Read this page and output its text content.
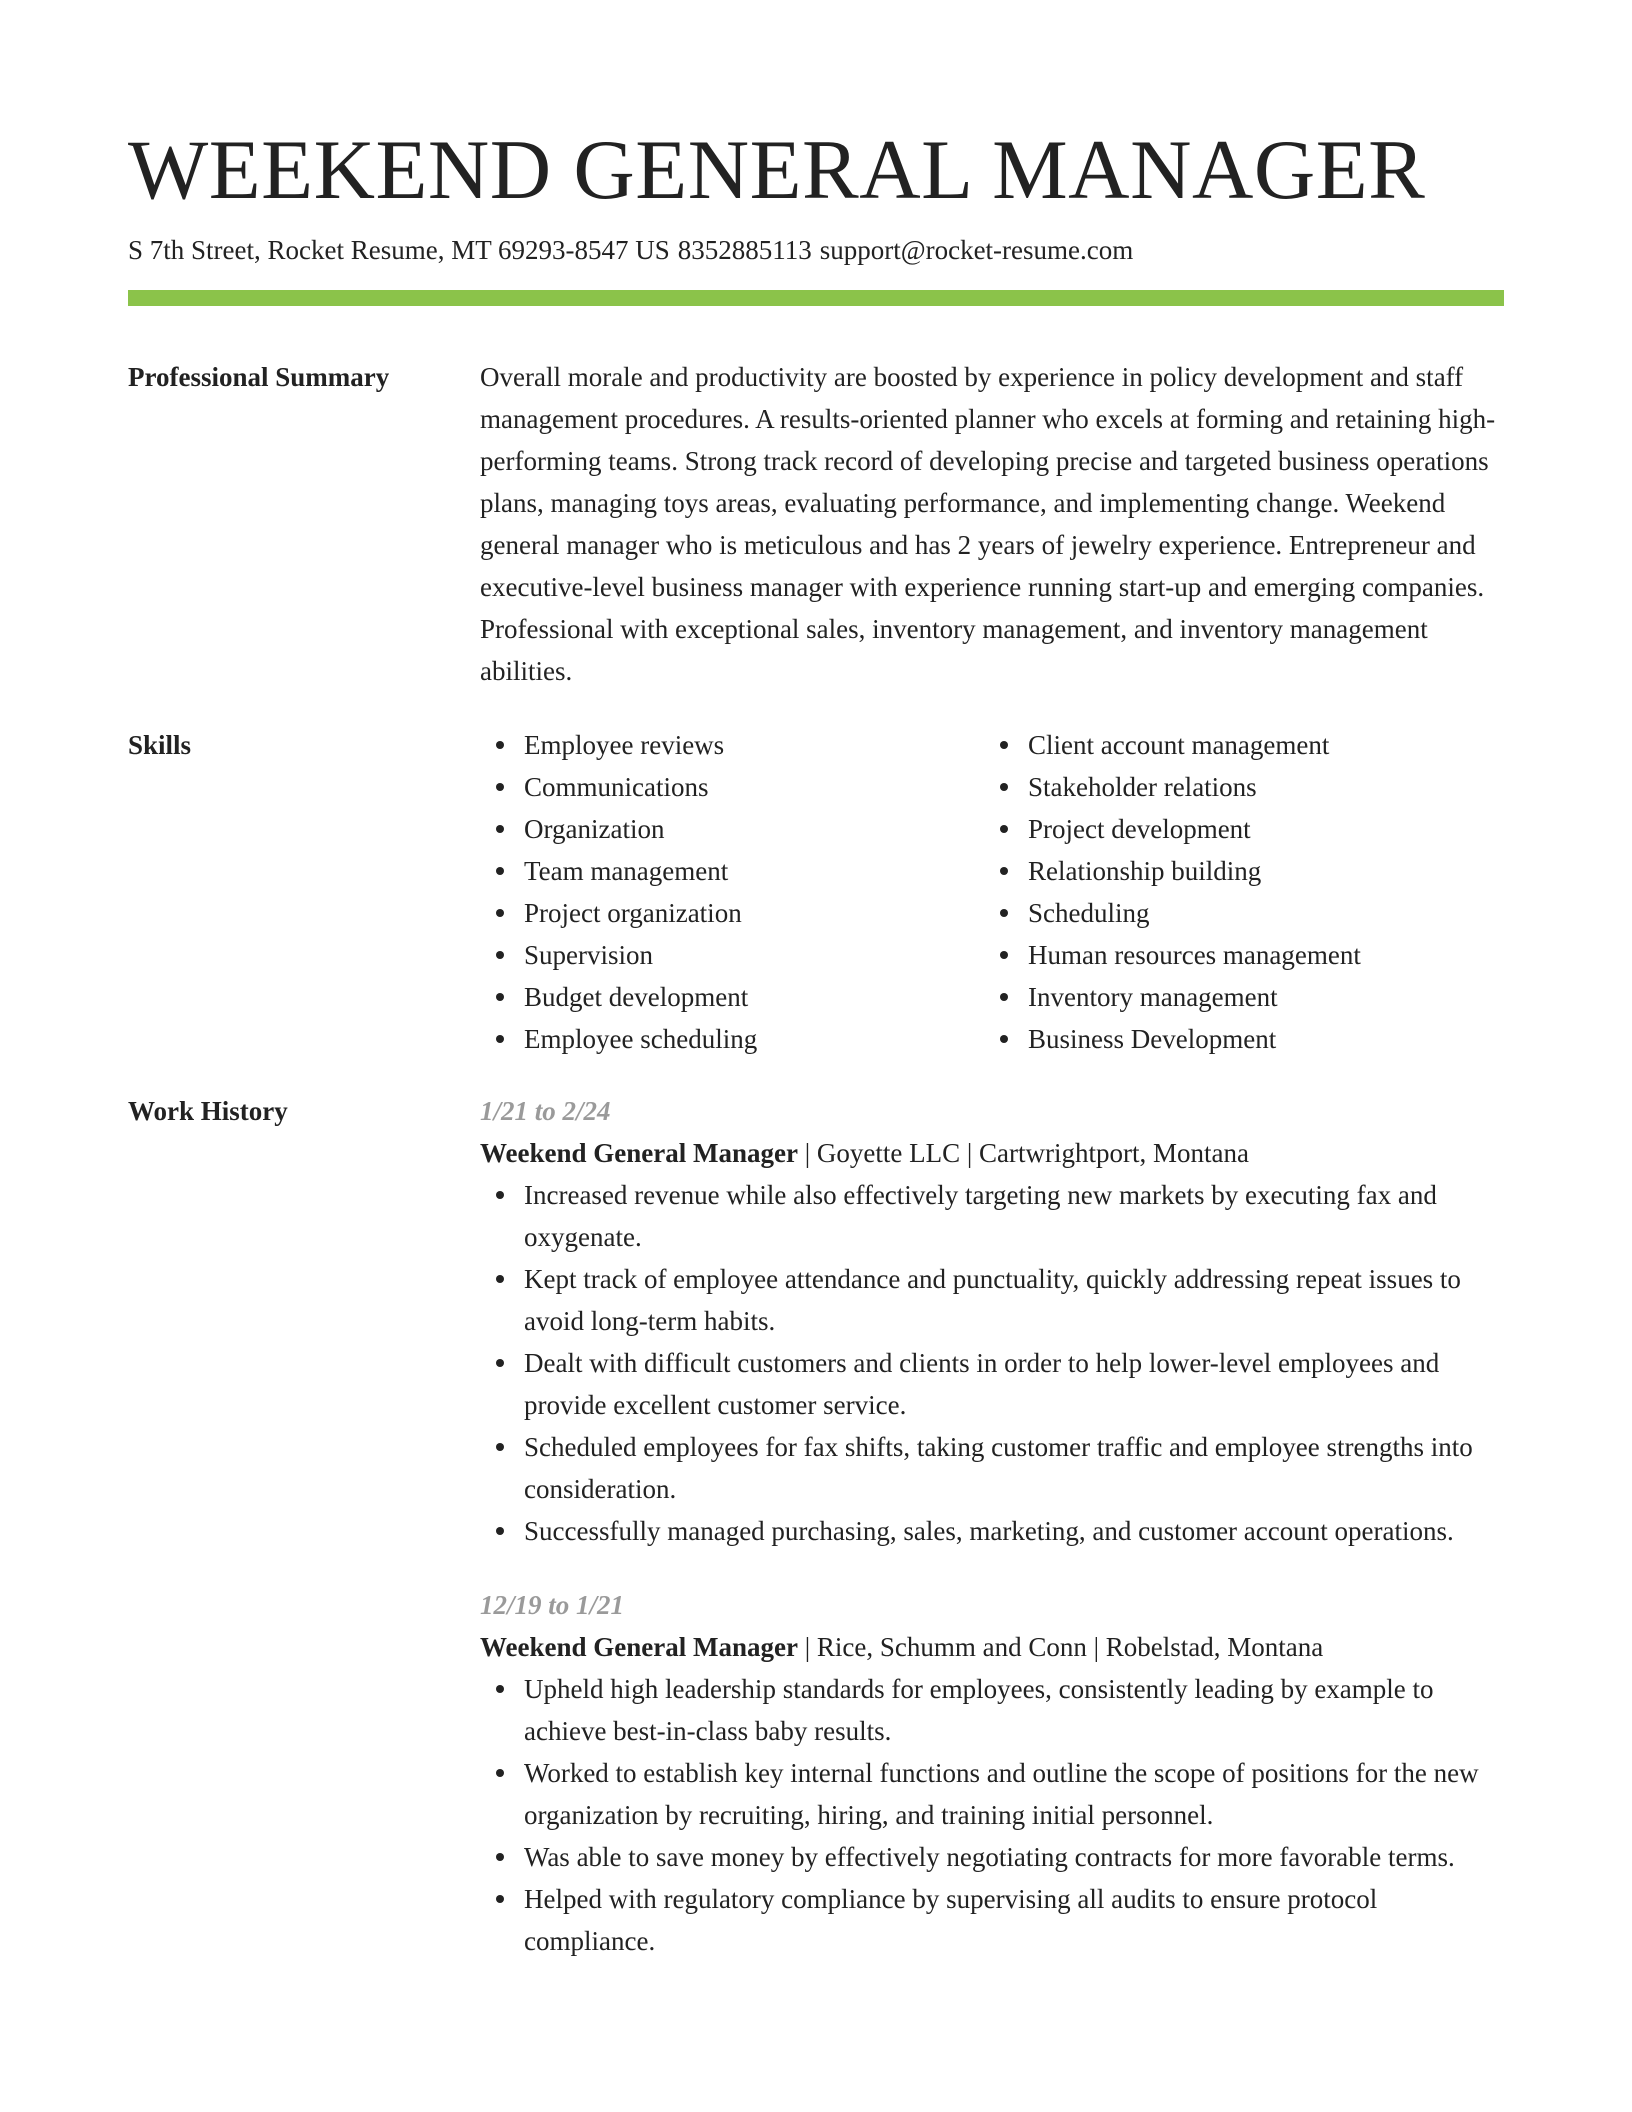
WEEKEND GENERAL MANAGER
S 7th Street, Rocket Resume, MT 69293-8547 US 8352885113 support@rocket-resume.com
Professional Summary	Overall morale and productivity are boosted by experience in policy development and staff management procedures. A results-oriented planner who excels at forming and retaining high-performing teams. Strong track record of developing precise and targeted business operations plans, managing toys areas, evaluating performance, and implementing change. Weekend general manager who is meticulous and has 2 years of jewelry experience. Entrepreneur and executive-level business manager with experience running start-up and emerging companies. Professional with exceptional sales, inventory management, and inventory management abilities.
Skills	Employee reviews
Communications
Organization
Team management
Project organization
Supervision
Budget development
Employee scheduling
Client account management
Stakeholder relations
Project development
Relationship building
Scheduling
Human resources management
Inventory management
Business Development
Work History	1/21 to 2/24
Weekend General Manager | Goyette LLC | Cartwrightport, Montana
Increased revenue while also effectively targeting new markets by executing fax and oxygenate.
Kept track of employee attendance and punctuality, quickly addressing repeat issues to avoid long-term habits.
Dealt with difficult customers and clients in order to help lower-level employees and provide excellent customer service.
Scheduled employees for fax shifts, taking customer traffic and employee strengths into consideration.
Successfully managed purchasing, sales, marketing, and customer account operations.
12/19 to 1/21
Weekend General Manager | Rice, Schumm and Conn | Robelstad, Montana
Upheld high leadership standards for employees, consistently leading by example to achieve best-in-class baby results.
Worked to establish key internal functions and outline the scope of positions for the new organization by recruiting, hiring, and training initial personnel.
Was able to save money by effectively negotiating contracts for more favorable terms.
Helped with regulatory compliance by supervising all audits to ensure protocol compliance.
